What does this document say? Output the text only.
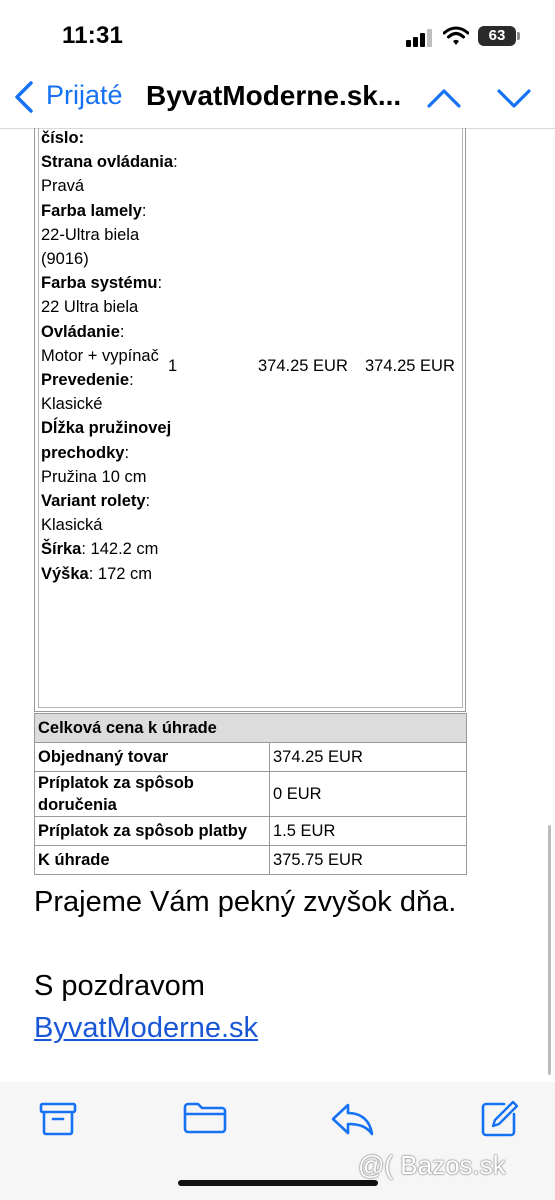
11:31	63
Prijaté ByvatModerne.sk...
číslo:
Strana ovládania:
Pravá
Farba lamely:
22-Ultra biela (9016)
Farba systému: 22 Ultra biela
Ovládanie:
Motor + vypínač
Prevedenie:
Klasické
Dĺžka pružinovej prechodky:
Pružina 10 cm
Variant rolety:
Klasická
Šírka: 142.2 cm
Výška: 172 cm
1	374.25 EUR 374.25 EUR
Celková cena k úhrade	
Objednaný tovar	374.25 EUR
Príplatok za spôsob doručenia	0 EUR
Príplatok za spôsob platby	1.5 EUR
K úhrade	375.75 EUR
Prajeme Vám pekný zvyšok dňa.
S pozdravom
ByvatModerne.sk
@( Bazos.sk
